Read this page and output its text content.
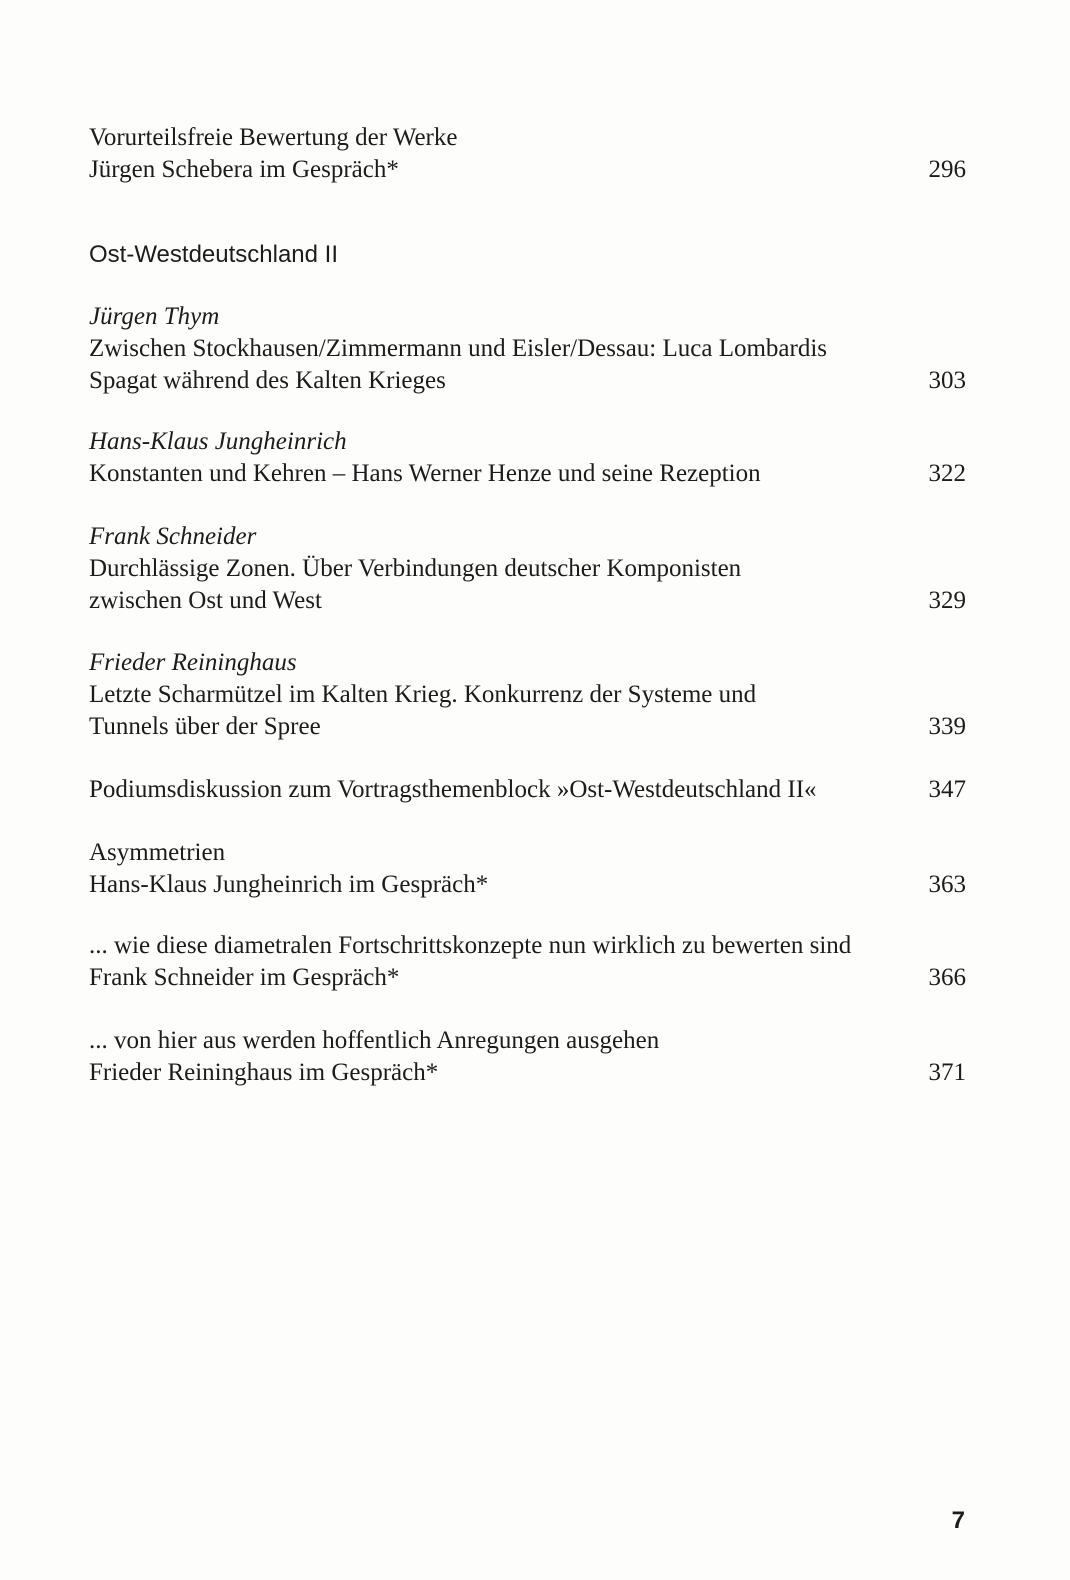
Vorurteilsfreie Bewertung der Werke
Jürgen Schebera im Gespräch*	296
Ost-Westdeutschland II
Jürgen Thym
Zwischen Stockhausen/Zimmermann und Eisler/Dessau: Luca Lombardis
Spagat während des Kalten Krieges	303
Hans-Klaus Jungheinrich
Konstanten und Kehren – Hans Werner Henze und seine Rezeption	322
Frank Schneider
Durchlässige Zonen. Über Verbindungen deutscher Komponisten
zwischen Ost und West	329
Frieder Reininghaus
Letzte Scharmützel im Kalten Krieg. Konkurrenz der Systeme und
Tunnels über der Spree	339
Podiumsdiskussion zum Vortragsthemenblock »Ost-Westdeutschland II«	347
Asymmetrien
Hans-Klaus Jungheinrich im Gespräch*	363
... wie diese diametralen Fortschrittskonzepte nun wirklich zu bewerten sind
Frank Schneider im Gespräch*	366
... von hier aus werden hoffentlich Anregungen ausgehen
Frieder Reininghaus im Gespräch*	371
7
